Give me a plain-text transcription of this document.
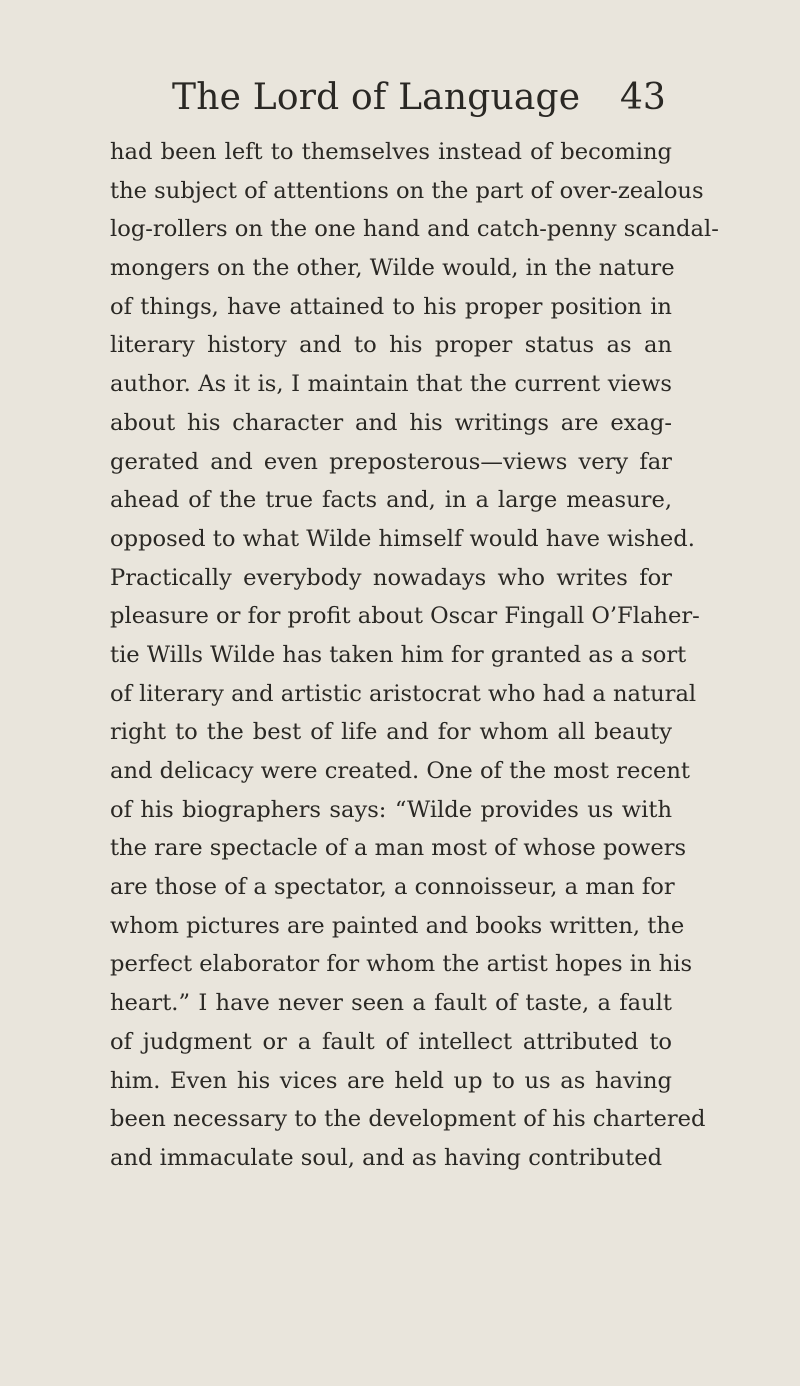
The Lord of Language 43
had been left to themselves instead of becoming
the subject of attentions on the part of over-zealous
log-rollers on the one hand and catch-penny scandal-
mongers on the other, Wilde would, in the nature
of things, have attained to his proper position in
literary history and to his proper status as an
author. As it is, I maintain that the current views
about his character and his writings are exag-
gerated and even preposterous—views very far
ahead of the true facts and, in a large measure,
opposed to what Wilde himself would have wished.
Practically everybody nowadays who writes for
pleasure or for profit about Oscar Fingall O’Flaher-
tie Wills Wilde has taken him for granted as a sort
of literary and artistic aristocrat who had a natural
right to the best of life and for whom all beauty
and delicacy were created. One of the most recent
of his biographers says: “Wilde provides us with
the rare spectacle of a man most of whose powers
are those of a spectator, a connoisseur, a man for
whom pictures are painted and books written, the
perfect elaborator for whom the artist hopes in his
heart.” I have never seen a fault of taste, a fault
of judgment or a fault of intellect attributed to
him. Even his vices are held up to us as having
been necessary to the development of his chartered
and immaculate soul, and as having contributed
